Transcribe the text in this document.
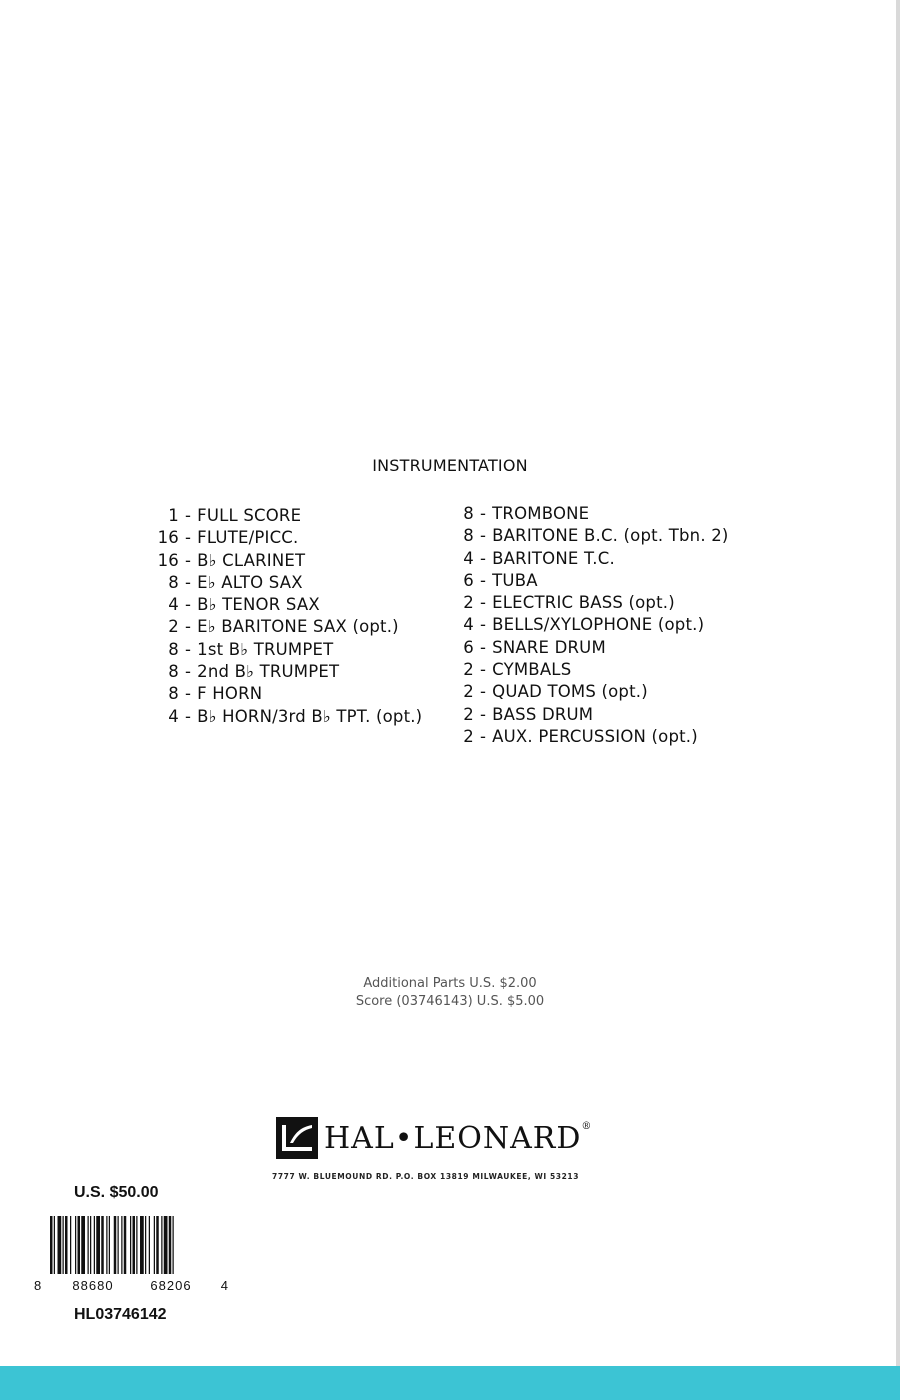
INSTRUMENTATION
1 - FULL SCORE
16 - FLUTE/PICC.
16 - B♭ CLARINET
8 - E♭ ALTO SAX
4 - B♭ TENOR SAX
2 - E♭ BARITONE SAX (opt.)
8 - 1st B♭ TRUMPET
8 - 2nd B♭ TRUMPET
8 - F HORN
4 - B♭ HORN/3rd B♭ TPT. (opt.)
8 - TROMBONE
8 - BARITONE B.C. (opt. Tbn. 2)
4 - BARITONE T.C.
6 - TUBA
2 - ELECTRIC BASS (opt.)
4 - BELLS/XYLOPHONE (opt.)
6 - SNARE DRUM
2 - CYMBALS
2 - QUAD TOMS (opt.)
2 - BASS DRUM
2 - AUX. PERCUSSION (opt.)
Additional Parts U.S. $2.00
Score (03746143) U.S. $5.00
HAL•LEONARD®
7777 W. BLUEMOUND RD. P.O. BOX 13819 MILWAUKEE, WI 53213
U.S. $50.00
8	88680	68206	4
HL03746142
